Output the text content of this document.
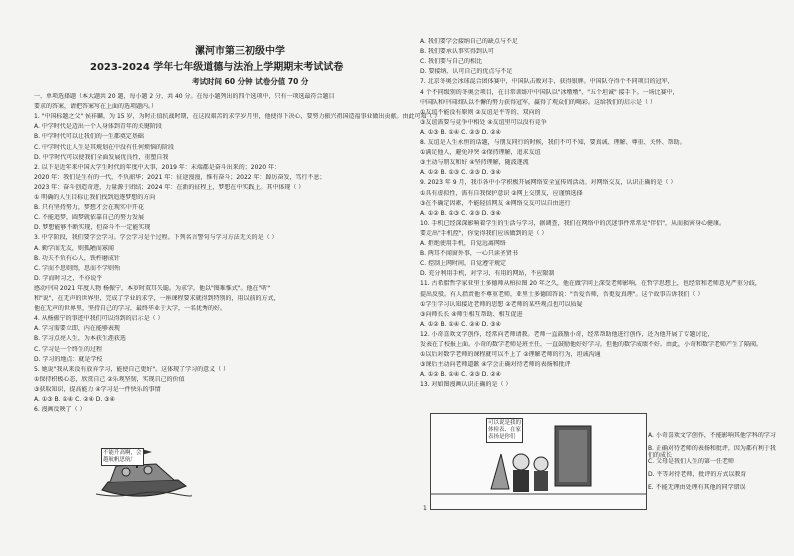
漯河市第三初级中学
2023-2024 学年七年级道德与法治上学期期末考试试卷
考试时间 60 分钟 试卷分值 70 分
一、单项选择题（本大题共 20 题，每小题 2 分，共 40 分。在每小题列出的四个选项中，只有一项选最符合题目
要求的答案，请把答案写在上面的选项题内。）
1. "中国标题之父" 侯祥麟，为 15 岁，为时正值抗战时期，在这段艰苦的求学岁月里，他使得下决心，要努力振兴祖国造福事业做出贡献。由此可知（ ）
A. 中学时代是迈出一个人身体到青年的关键阶段
B. 中学时代可以让我们的一生都奠定基础
C. 中学时代让人生是其规划在中没有任何烦恼的阶段
D. 中学时代可以使我们全面发展优良性，重塑自我
2. 以下是近年来中国大学生时代的年度中大事，2019 年：末端都是奋斗出来的；2020 年：
2020 年：我们是生有的一代，不负韶华；2021 年：征途漫漫，惟有奋斗；2022 年：踔厉奋发，笃行不息；
2023 年：奋斗创造奇迹，力量源于团结；2024 年：在新的征程上，梦想在中实践上。其中体现（ ）
① 明确的人生目标让我们找到追逐梦想的方向
B. 只有坚持努力，梦想才会在现实中开花
C. 不能追梦，圆梦就依靠自己的努力发展
D. 梦想能够不断实现，但奋斗不一定能实现
3. 中学阶段，我们要学会学习。学会学习是个过程。下列名言警句与学习方法无关的是（ ）
A. 勤学而无友，则孤陋而寡闻
B. 功夫不负有心人，铁杵磨成针
C. 学而不思则罔，思而不学则殆
D. 学而时习之，不亦说乎
感动中国 2021 年度人物 杨振宁，本岁时双耳失聪。为求学，他以"图难惟式"。他在"听"
和"说"，在无声的世界里，完成了学业的求学，一座课程要求就得到特别的，用以前的方式，
他在无声的世界里，坚持自己的学习，最终毕业于大学，一名优秀的好。
4. 从杨振宁的事迹中我们可以得到的启示是（ ）
A. 学习需要立即，内在能够表现
B. 学习点亮人生，为本获生涯获选
C. 学习是一个终生的过程
D. 学习的地点：就是学校
5. 她说"我从来没有放弃学习，能使自己更好"。这体现了学习的意义（ ）
①保持积极心态，欣赏自己 ②乐观坚韧，实现自己的价值
③获取知识，提高能力 ④学习是一件快乐的事情
A. ①③ B. ①④ C. ②④ D. ③④
6. 漫画反映了（ ）
A. 我们要学会接纳自己的缺点与不足
B. 我们要承认事实得到认可
C. 我们要与自己的相比
D. 要接纳、认可自己的优点与不足
7. 北京冬奥会冰球混合团体赛中，中国队击败对手，获得银牌。中国队夺得个不同项目的冠军，
4 个不同级别的冬奥会项目，在日常训练中中国队以"冰墩墩"、"五个坦诚" 接手下。一场比赛中，
中国队和中国团队以不懈的努力获得冠军，赢得了观众们的喝彩。这给我们的启示是（ ）
①友谊不能没有原则 ②友谊是平等的、双向的
③友谊需要与竞争中相处 ④友谊里可以没有竞争
A. ①③ B. ①④ C. ②③ D. ②④
8. 友谊是人生永恒的话题，与朋友同行的时候，我们不可不知，要真诚、理解、尊重、关怀、帮助。
①满足他人，避免冲突 ②保持理解，追求友谊
③主动与朋友和好 ④坚持理解，随波逐流
A. ①② B. ①③ C. ②③ D. ③④
9. 2023 年 9 月，我市各中小学积极开展网络安全宣传周活动。对网络交友，认识正确的是（ ）
①具有虚拟性，需有自我保护意识 ②网上交朋友，应谨慎选择
③在不确定因素，不能轻信网友 ④网络交友可以自由进行
A. ①② B. ①③ C. ②③ D. ③④
10. 手机已经深深影响着学生的生活与学习，据调查，我们在网络中的沉迷事件常常是"伴侣"，从而损害身心健康。
要走出"手机控"，你觉得我们应该做到的是（ ）
A. 拒绝使用手机，自觉远离网络
B. 两耳不闻窗外事，一心只读圣贤书
C. 控制上网时间，自觉遵守规定
D. 充分利用手机，对学习、有用的网站，不应限制
11. 古希腊哲学家亚里士多德师从柏拉图 20 年之久，他在做学问上深受老师影响，在哲学思想上，也经常和老师意见严重分歧，
提出反驳。有人指责他不尊重老师，亚里士多德回答说："吾爱吾师，吾更爱真理"。这个故事告诉我们（ ）
①学生学习认知接近老师的思想 ②老师的某些观点也可以质疑
③向师长长 ④师生相互帮助、相互促进
A. ①② B. ①④ C. ②④ D. ③④
12. 小奇喜欢文学创作，经常向老师请教。老师一直鼓励小奇，经常帮助他进行创作，还为他开展了专题讨论，
发表在了校报上面。小奇的数学老师是班主任，一直鼓励他好好学习，但他的数学成绩不好。由此，小奇和数学老师产生了隔阂。
①以后对数学老师的课程就可以不上了 ②理解老师的行为，坦诚沟通
③课后主动向老师道歉 ④学会正确对待老师的表扬和批评
A. ①② B. ①④ C. ②③ D. ②④
13. 对如图漫画认识正确的是（ ）
不能升高啊，会
越航帆思航！
可以说是我的
体检表、在家
表扬是你们	A. 小奇喜欢文学创作，不能影响其他学科的学习
B. 正确对待老师的表扬和批评，因为都有利于我们的成长
C. 父母是我们人生的第一任老师
D. 平等对待老师，批评的方式以教育
E. 不能无理由处理有其他的同学错误
1
